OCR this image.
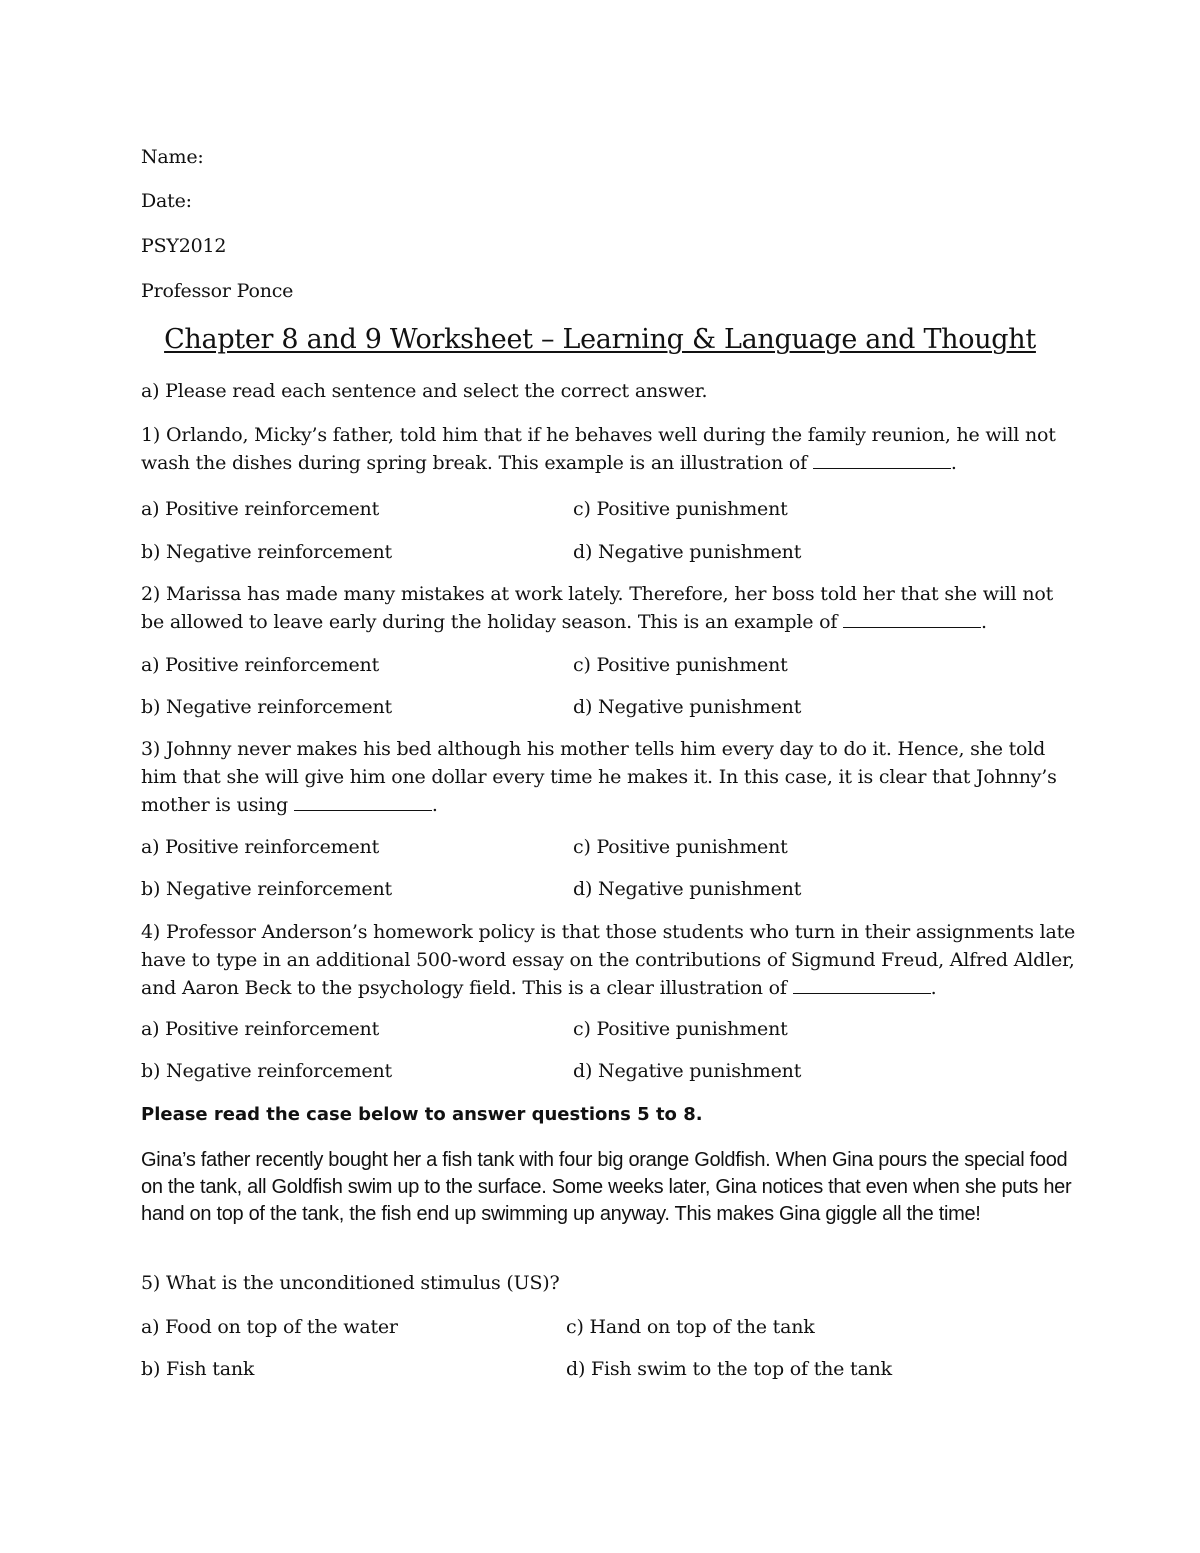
Name:
Date:
PSY2012
Professor Ponce
Chapter 8 and 9 Worksheet – Learning & Language and Thought
a) Please read each sentence and select the correct answer.
1) Orlando, Micky’s father, told him that if he behaves well during the family reunion, he will not wash the dishes during spring break. This example is an illustration of	.
a) Positive reinforcement	c) Positive punishment
b) Negative reinforcement	d) Negative punishment
2) Marissa has made many mistakes at work lately. Therefore, her boss told her that she will not be allowed to leave early during the holiday season. This is an example of	.
a) Positive reinforcement	c) Positive punishment
b) Negative reinforcement	d) Negative punishment
3) Johnny never makes his bed although his mother tells him every day to do it. Hence, she told him that she will give him one dollar every time he makes it. In this case, it is clear that Johnny’s mother is using	.
a) Positive reinforcement	c) Positive punishment
b) Negative reinforcement	d) Negative punishment
4) Professor Anderson’s homework policy is that those students who turn in their assignments late have to type in an additional 500-word essay on the contributions of Sigmund Freud, Alfred Aldler, and Aaron Beck to the psychology field. This is a clear illustration of	.
a) Positive reinforcement	c) Positive punishment
b) Negative reinforcement	d) Negative punishment
Please read the case below to answer questions 5 to 8.
Gina’s father recently bought her a fish tank with four big orange Goldfish. When Gina pours the special food on the tank, all Goldfish swim up to the surface. Some weeks later, Gina notices that even when she puts her hand on top of the tank, the fish end up swimming up anyway. This makes Gina giggle all the time!
5) What is the unconditioned stimulus (US)?
a) Food on top of the water	c) Hand on top of the tank
b) Fish tank	d) Fish swim to the top of the tank
